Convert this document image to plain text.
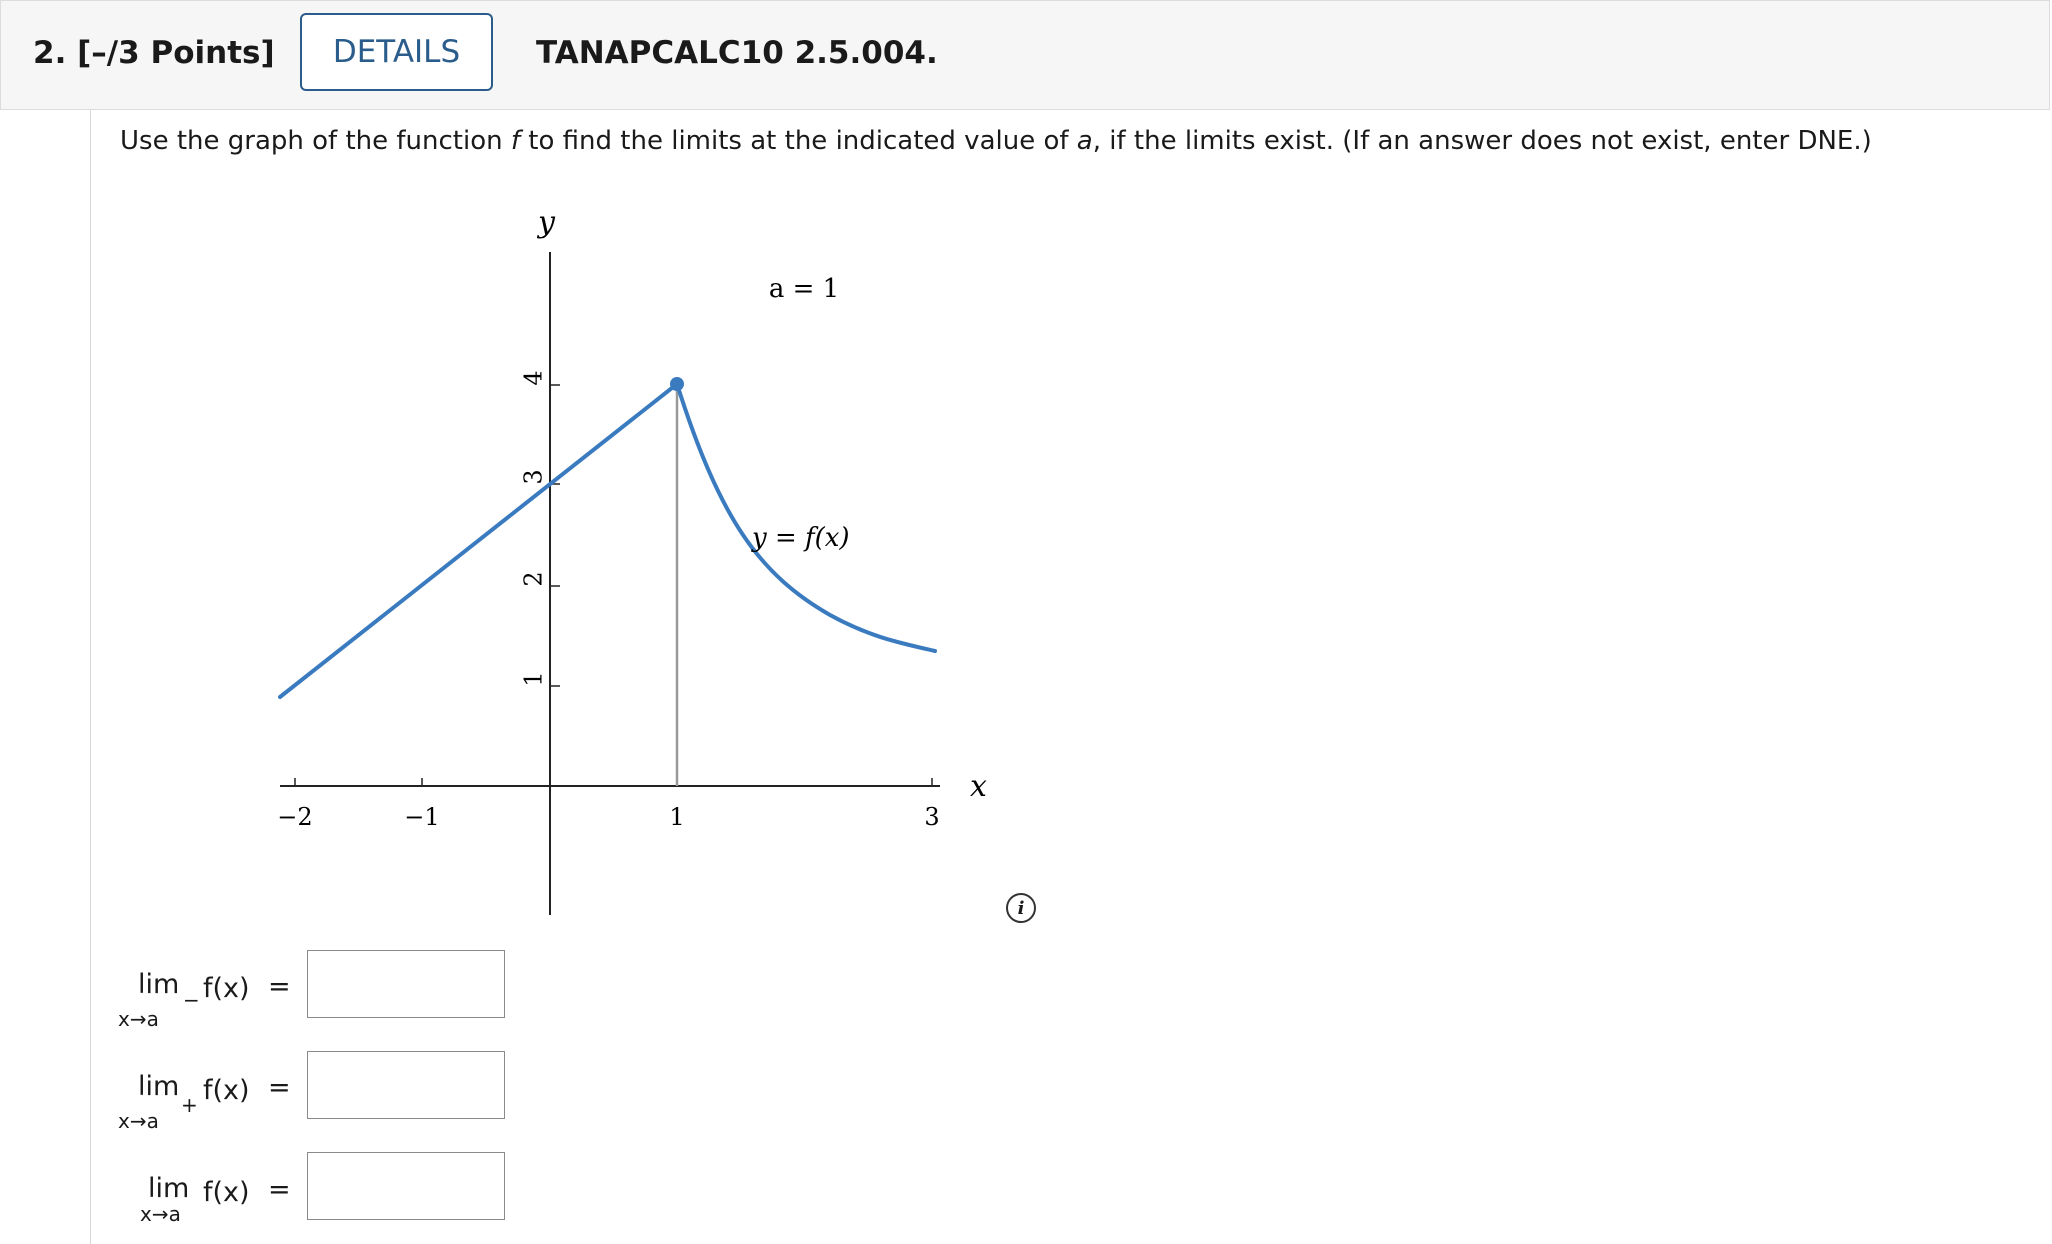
2. [–/3 Points]	DETAILS	TANAPCALC10 2.5.004.
Use the graph of the function f to find the limits at the indicated value of a, if the limits exist. (If an answer does not exist, enter DNE.)
y
x
−2	−1	1	3
4
3
2
1
a = 1
y = f(x)
i
lim
x→a
− f(x) =
lim
x→a
+ f(x) =
lim
x→a
f(x) =
